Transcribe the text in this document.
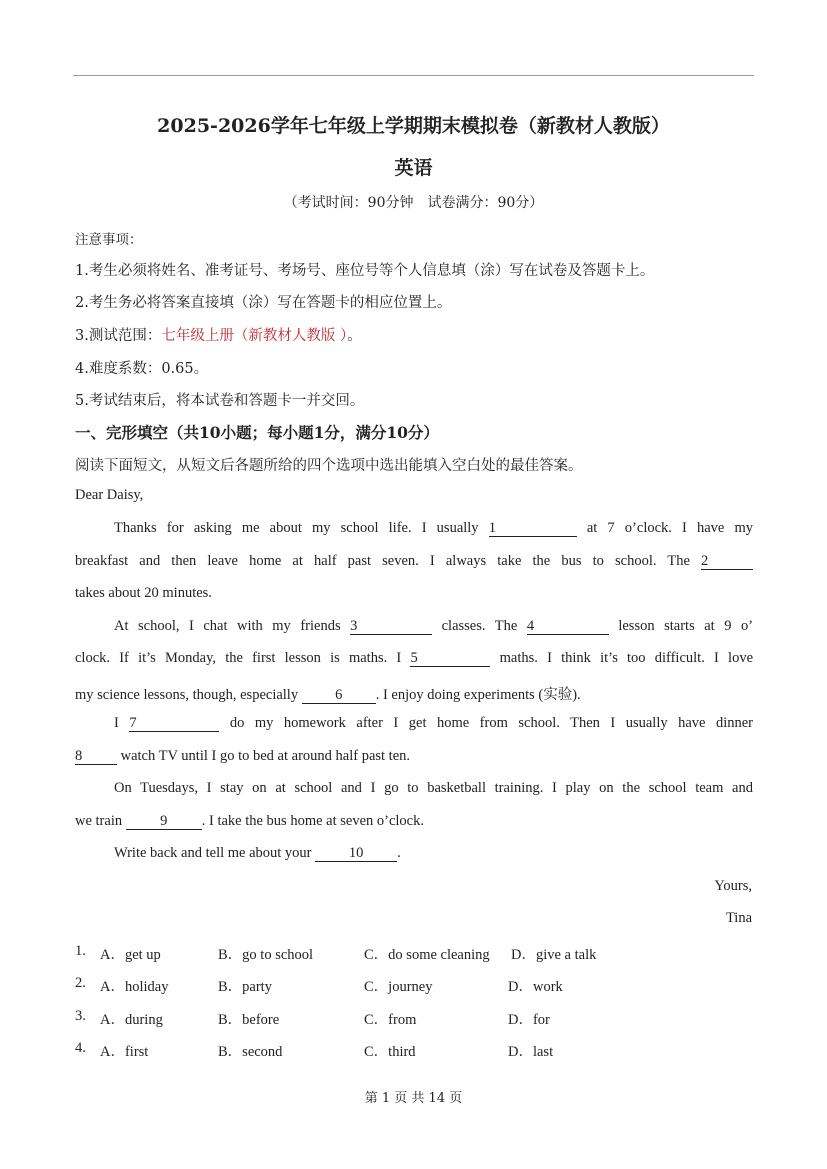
2025-2026学年七年级上学期期末模拟卷（新教材人教版）
英语
（考试时间：90分钟　试卷满分：90分）
注意事项：
1.考生必须将姓名、准考证号、考场号、座位号等个人信息填（涂）写在试卷及答题卡上。
2.考生务必将答案直接填（涂）写在答题卡的相应位置上。
3.测试范围：七年级上册（新教材人教版 ）。
4.难度系数：0.65。
5.考试结束后，将本试卷和答题卡一并交回。
一、完形填空（共10小题；每小题1分，满分10分）
阅读下面短文，从短文后各题所给的四个选项中选出能填入空白处的最佳答案。
Dear Daisy,
Thanks for asking me about my school life. I usually 1	at 7 o’clock. I have my
breakfast and then leave home at half past seven. I always take the bus to school. The 2
takes about 20 minutes.
At school, I chat with my friends 3	classes. The 4	lesson starts at 9 o’
clock. If it’s Monday, the first lesson is maths. I 5	maths. I think it’s too difficult. I love
my science lessons, though, especially	6 . I enjoy doing experiments (实验).
I 7	do my homework after I get home from school. Then I usually have dinner
8	watch TV until I go to bed at around half past ten.
On Tuesdays, I stay on at school and I go to basketball training. I play on the school team and
we train	9 . I take the bus home at seven o’clock.
Write back and tell me about your	10 .
Yours,
Tina
1. A．get up	B．go to school	C．do some cleaning D．give a talk
2. A．holiday	B．party	C．journey	D．work
3. A．during	B．before	C．from	D．for
4. A．first	B．second	C．third	D．last
第 1 页 共 14 页
